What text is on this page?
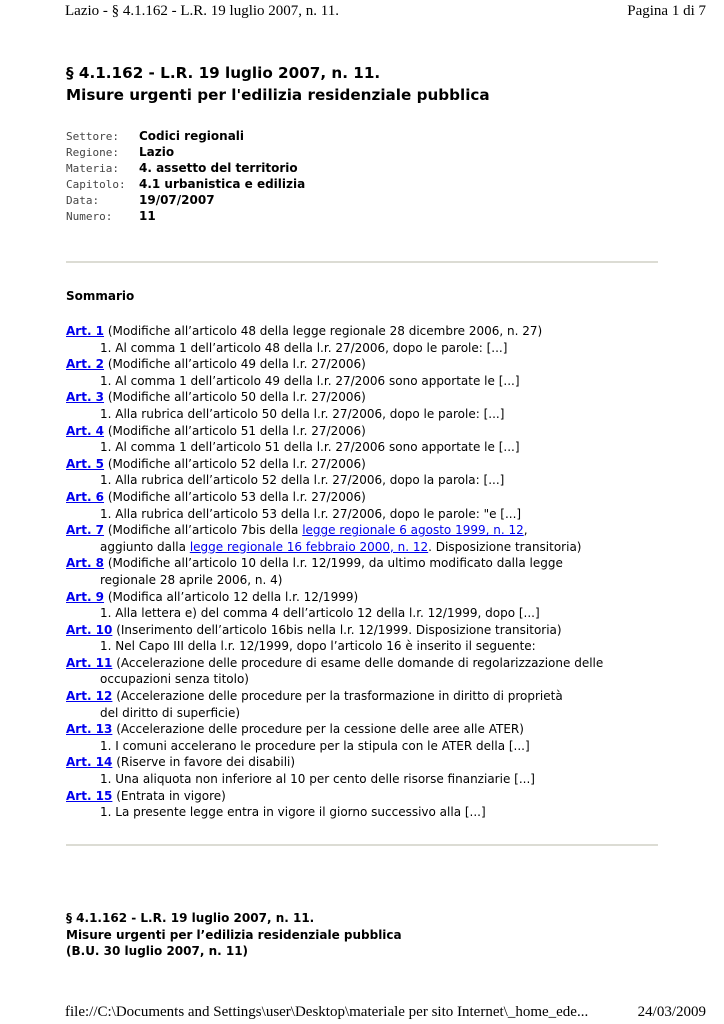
Lazio - § 4.1.162 - L.R. 19 luglio 2007, n. 11.	Pagina 1 di 7
§ 4.1.162 - L.R. 19 luglio 2007, n. 11.
Misure urgenti per l'edilizia residenziale pubblica
Settore: Codici regionali
Regione: Lazio
Materia: 4. assetto del territorio
Capitolo: 4.1 urbanistica e edilizia
Data:	19/07/2007
Numero: 11
Sommario
Art. 1 (Modifiche all’articolo 48 della legge regionale 28 dicembre 2006, n. 27)
1. Al comma 1 dell’articolo 48 della l.r. 27/2006, dopo le parole: [...]
Art. 2 (Modifiche all’articolo 49 della l.r. 27/2006)
1. Al comma 1 dell’articolo 49 della l.r. 27/2006 sono apportate le [...]
Art. 3 (Modifiche all’articolo 50 della l.r. 27/2006)
1. Alla rubrica dell’articolo 50 della l.r. 27/2006, dopo le parole: [...]
Art. 4 (Modifiche all’articolo 51 della l.r. 27/2006)
1. Al comma 1 dell’articolo 51 della l.r. 27/2006 sono apportate le [...]
Art. 5 (Modifiche all’articolo 52 della l.r. 27/2006)
1. Alla rubrica dell’articolo 52 della l.r. 27/2006, dopo la parola: [...]
Art. 6 (Modifiche all’articolo 53 della l.r. 27/2006)
1. Alla rubrica dell’articolo 53 della l.r. 27/2006, dopo le parole: "e [...]
Art. 7 (Modifiche all’articolo 7bis della legge regionale 6 agosto 1999, n. 12,
aggiunto dalla legge regionale 16 febbraio 2000, n. 12. Disposizione transitoria)
Art. 8 (Modifiche all’articolo 10 della l.r. 12/1999, da ultimo modificato dalla legge
regionale 28 aprile 2006, n. 4)
Art. 9 (Modifica all’articolo 12 della l.r. 12/1999)
1. Alla lettera e) del comma 4 dell’articolo 12 della l.r. 12/1999, dopo [...]
Art. 10 (Inserimento dell’articolo 16bis nella l.r. 12/1999. Disposizione transitoria)
1. Nel Capo III della l.r. 12/1999, dopo l’articolo 16 è inserito il seguente:
Art. 11 (Accelerazione delle procedure di esame delle domande di regolarizzazione delle
occupazioni senza titolo)
Art. 12 (Accelerazione delle procedure per la trasformazione in diritto di proprietà
del diritto di superficie)
Art. 13 (Accelerazione delle procedure per la cessione delle aree alle ATER)
1. I comuni accelerano le procedure per la stipula con le ATER della [...]
Art. 14 (Riserve in favore dei disabili)
1. Una aliquota non inferiore al 10 per cento delle risorse finanziarie [...]
Art. 15 (Entrata in vigore)
1. La presente legge entra in vigore il giorno successivo alla [...]
§ 4.1.162 - L.R. 19 luglio 2007, n. 11.
Misure urgenti per l’edilizia residenziale pubblica
(B.U. 30 luglio 2007, n. 11)
file://C:\Documents and Settings\user\Desktop\materiale per sito Internet\_home_ede...	24/03/2009
